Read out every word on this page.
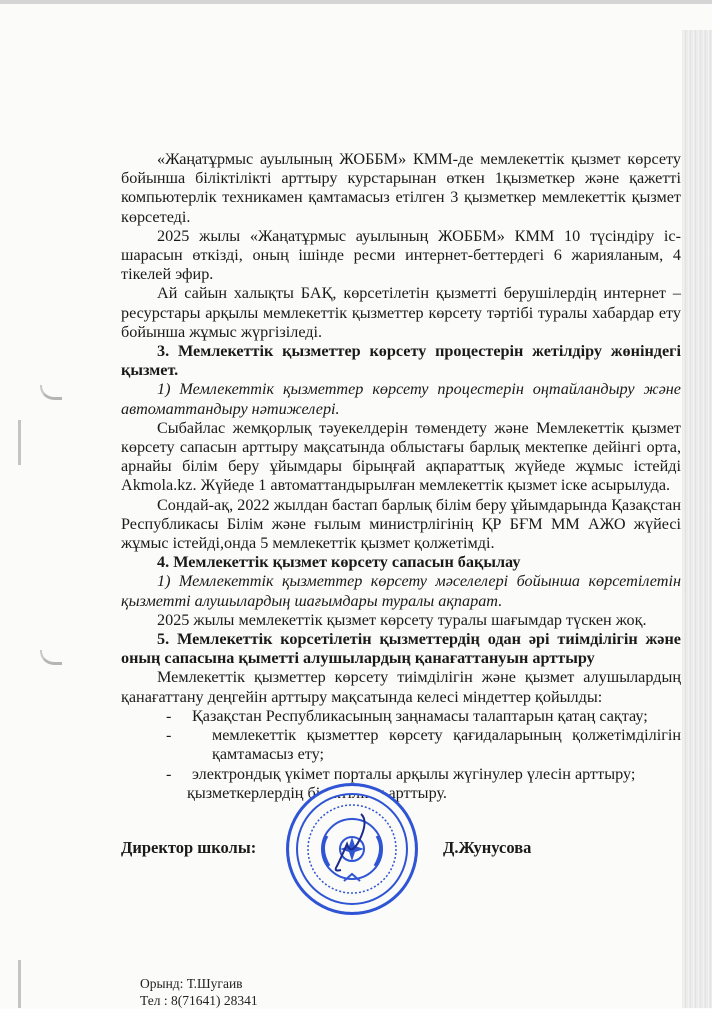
«Жаңатұрмыс ауылының ЖОББМ» КММ-де мемлекеттік қызмет көрсету бойынша біліктілікті арттыру курстарынан өткен 1қызметкер және қажетті компьютерлік техникамен қамтамасыз етілген 3 қызметкер мемлекеттік қызмет көрсетеді.

2025 жылы «Жаңатұрмыс ауылының ЖОББМ» КММ 10 түсіндіру іс-шарасын өткізді, оның ішінде ресми интернет-беттердегі 6 жарияланым, 4 тікелей эфир.

Ай сайын халықты БАҚ, көрсетілетін қызметті берушілердің интернет – ресурстары арқылы мемлекеттік қызметтер көрсету тәртібі туралы хабардар ету бойынша жұмыс жүргізіледі.

3. Мемлекеттік қызметтер көрсету процестерін жетілдіру жөніндегі қызмет.

1) Мемлекеттік қызметтер көрсету процестерін оңтайландыру және автоматтандыру нәтижелері.

Сыбайлас жемқорлық тәуекелдерін төмендету және Мемлекеттік қызмет көрсету сапасын арттыру мақсатында облыстағы барлық мектепке дейінгі орта, арнайы білім беру ұйымдары бірыңғай ақпараттық жүйеде жұмыс істейді Akmola.kz. Жүйеде 1 автоматтандырылған мемлекеттік қызмет іске асырылуда.

Сондай-ақ, 2022 жылдан бастап барлық білім беру ұйымдарында Қазақстан Республикасы Білім және ғылым министрлігінің ҚР БҒМ ММ АЖО жүйесі жұмыс істейді,онда 5 мемлекеттік қызмет қолжетімді.

4. Мемлекеттік қызмет көрсету сапасын бақылау

1) Мемлекеттік қызметтер көрсету мәселелері бойынша көрсетілетін қызметті алушылардың шағымдары туралы ақпарат.

2025 жылы мемлекеттік қызмет көрсету туралы шағымдар түскен жоқ.

5. Мемлекеттік корсетілетін қызметтердің одан әрі тиімділігін және оның сапасына қыметті алушылардың қанағаттануын арттыру

Мемлекеттік қызметтер көрсету тиімділігін және қызмет алушылардың қанағаттану деңгейін арттыру мақсатында келесі міндеттер қойылды:

-	Қазақстан Республикасының заңнамасы талаптарын қатаң сақтау;
-	мемлекеттік қызметтер көрсету қағидаларының қолжетімділігін қамтамасыз ету;
-	электрондық үкімет порталы арқылы жүгінулер үлесін арттыру;

қызметкерлердің біліктілігін арттыру.

Директор школы:	Д.Жунусова
Орынд: Т.Шугаив
Тел : 8(71641) 28341
